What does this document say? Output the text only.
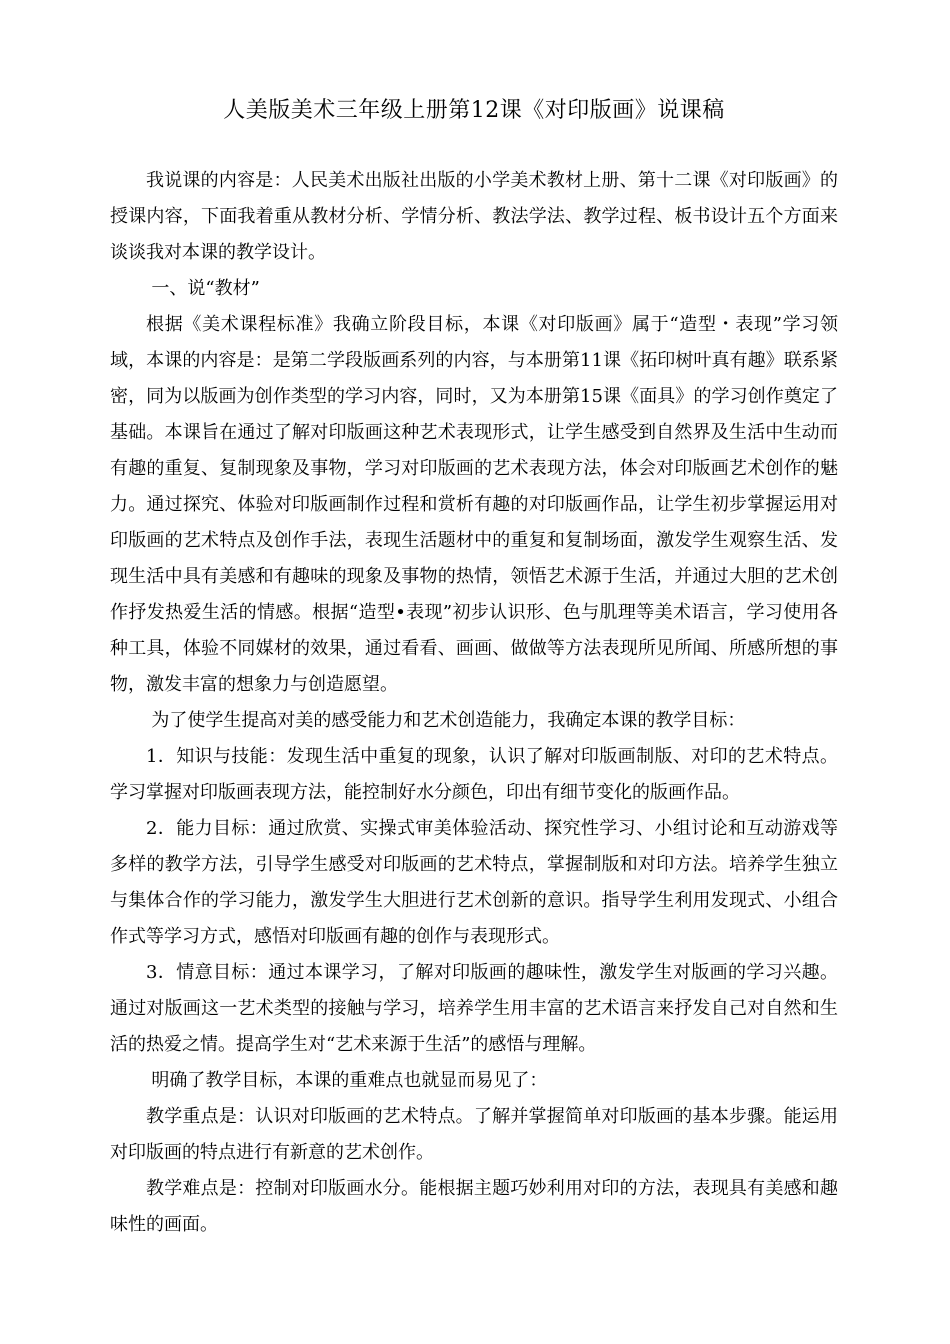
人美版美术三年级上册第12课《对印版画》说课稿

我说课的内容是：人民美术出版社出版的小学美术教材上册、第十二课《对印版画》的授课内容，下面我着重从教材分析、学情分析、教法学法、教学过程、板书设计五个方面来谈谈我对本课的教学设计。

一、说“教材”

根据《美术课程标准》我确立阶段目标，本课《对印版画》属于“造型・表现”学习领域，本课的内容是：是第二学段版画系列的内容，与本册第11课《拓印树叶真有趣》联系紧密，同为以版画为创作类型的学习内容，同时，又为本册第15课《面具》的学习创作奠定了基础。本课旨在通过了解对印版画这种艺术表现形式，让学生感受到自然界及生活中生动而有趣的重复、复制现象及事物，学习对印版画的艺术表现方法，体会对印版画艺术创作的魅力。通过探究、体验对印版画制作过程和赏析有趣的对印版画作品，让学生初步掌握运用对印版画的艺术特点及创作手法，表现生活题材中的重复和复制场面，激发学生观察生活、发现生活中具有美感和有趣味的现象及事物的热情，领悟艺术源于生活，并通过大胆的艺术创作抒发热爱生活的情感。根据“造型•表现”初步认识形、色与肌理等美术语言，学习使用各种工具，体验不同媒材的效果，通过看看、画画、做做等方法表现所见所闻、所感所想的事物，激发丰富的想象力与创造愿望。

为了使学生提高对美的感受能力和艺术创造能力，我确定本课的教学目标：

1．知识与技能：发现生活中重复的现象，认识了解对印版画制版、对印的艺术特点。学习掌握对印版画表现方法，能控制好水分颜色，印出有细节变化的版画作品。

2．能力目标：通过欣赏、实操式审美体验活动、探究性学习、小组讨论和互动游戏等多样的教学方法，引导学生感受对印版画的艺术特点，掌握制版和对印方法。培养学生独立与集体合作的学习能力，激发学生大胆进行艺术创新的意识。指导学生利用发现式、小组合作式等学习方式，感悟对印版画有趣的创作与表现形式。

3．情意目标：通过本课学习，了解对印版画的趣味性，激发学生对版画的学习兴趣。通过对版画这一艺术类型的接触与学习，培养学生用丰富的艺术语言来抒发自己对自然和生活的热爱之情。提高学生对“艺术来源于生活”的感悟与理解。

明确了教学目标，本课的重难点也就显而易见了：

教学重点是：认识对印版画的艺术特点。了解并掌握简单对印版画的基本步骤。能运用对印版画的特点进行有新意的艺术创作。

教学难点是：控制对印版画水分。能根据主题巧妙利用对印的方法，表现具有美感和趣味性的画面。
